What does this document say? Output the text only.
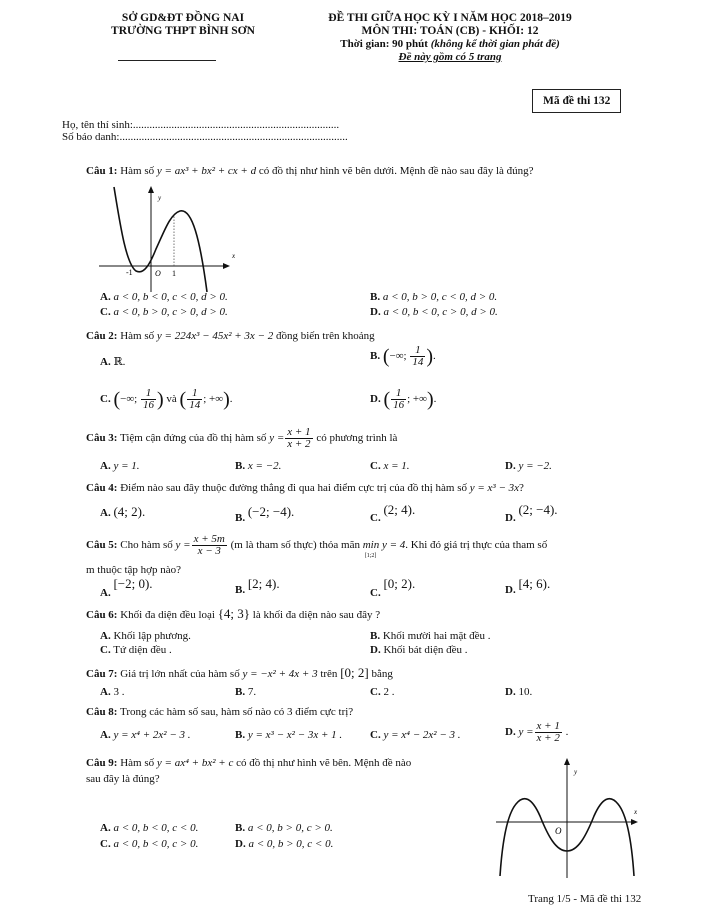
SỞ GD&ĐT ĐỒNG NAI
TRƯỜNG THPT BÌNH SƠN
ĐỀ THI GIỮA HỌC KỲ I NĂM HỌC 2018–2019
MÔN THI: TOÁN (CB) - KHỐI: 12
Thời gian: 90 phút (không kể thời gian phát đề)
Đề này gồm có 5 trang
Mã đề thi 132
Họ, tên thí sinh:...........................................................................
Số báo danh:...................................................................................
Câu 1: Hàm số y = ax³ + bx² + cx + d có đồ thị như hình vẽ bên dưới. Mệnh đề nào sau đây là đúng?
x
y
-1	O 1
A. a < 0, b < 0, c < 0, d > 0.	B. a < 0, b > 0, c < 0, d > 0.
C. a < 0, b > 0, c > 0, d > 0.	D. a < 0, b < 0, c > 0, d > 0.
Câu 2: Hàm số y = 224x³ − 45x² + 3x − 2 đồng biến trên khoảng
A. ℝ.	B. (−∞; $\frac{1}{14}$ ).
C. (−∞; $\frac{1}{16}$ ) và ( $\frac{1}{14}$ ; +∞).	D. ( $\frac{1}{16}$ ; +∞).
Câu 3: Tiệm cận đứng của đồ thị hàm số $y = \frac{x + 1}{x + 2}$ có phương trình là
A. y = 1.	B. x = −2.	C. x = 1.	D. y = −2.
Câu 4: Điểm nào sau đây thuộc đường thẳng đi qua hai điểm cực trị của đồ thị hàm số y = x³ − 3x?
A. (4; 2).	B. (−2; −4).	C. (2; 4).
D. (2; −4).
Câu 5: Cho hàm số $y = \frac{x + 5m}{x - 3} (m$ là tham số thực) thỏa mãn min y = 4
[1;2]
. Khi đó giá trị thực của tham số
m thuộc tập hợp nào?
A. [−2; 0).	B. [2; 4).
C. [0; 2).	D. [4; 6).
Câu 6: Khối đa diện đều loại {4; 3} là khối đa diện nào sau đây ?
A. Khối lập phương.	B. Khối mười hai mặt đều .
C. Tứ diện đều .	D. Khối bát diện đều .
Câu 7: Giá trị lớn nhất của hàm số y = −x² + 4x + 3 trên [0; 2] bằng
A. 3 .	B. 7.	C. 2 .	D. 10.
Câu 8: Trong các hàm số sau, hàm số nào có 3 điểm cực trị?
A. y = x⁴ + 2x² − 3 .	B. y = x³ − x² − 3x + 1 .	C. y = x⁴ − 2x² − 3 .	D. $y = \frac{x + 1}{x + 2}$ .
Câu 9: Hàm số y = ax⁴ + bx² + c có đồ thị như hình vẽ bên. Mệnh đề nào
sau đây là đúng?
A. a < 0, b < 0, c < 0.	B. a < 0, b > 0, c > 0.
C. a < 0, b < 0, c > 0.	D. a < 0, b > 0, c < 0.
x
y
O
Trang 1/5 - Mã đề thi 132
